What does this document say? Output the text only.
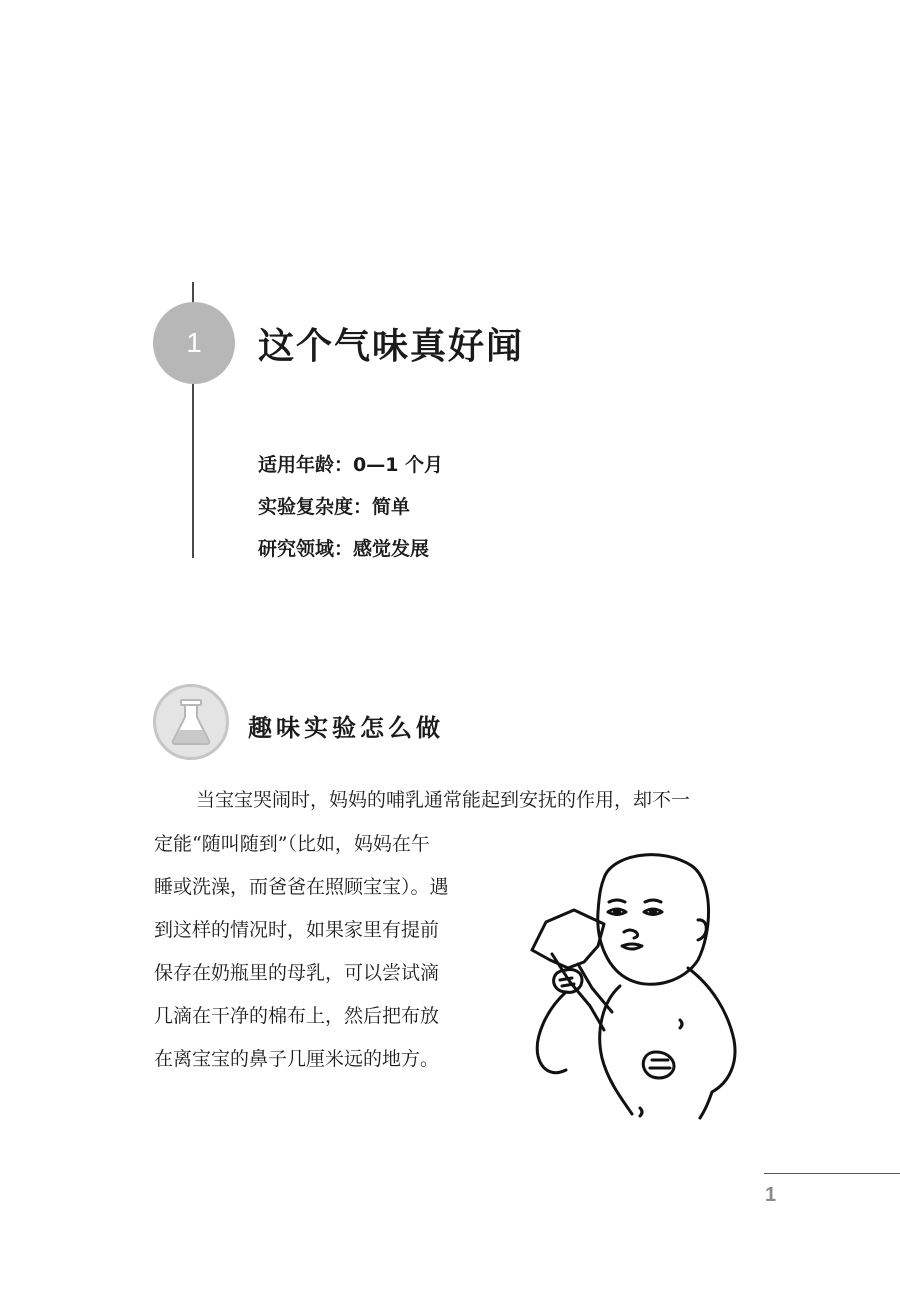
1 这个气味真好闻
适用年龄：0—1 个月
实验复杂度：简单
研究领域：感觉发展
趣味实验怎么做
当宝宝哭闹时，妈妈的哺乳通常能起到安抚的作用，却不一
定能“随叫随到”（比如，妈妈在午
睡或洗澡，而爸爸在照顾宝宝）。遇
到这样的情况时，如果家里有提前
保存在奶瓶里的母乳，可以尝试滴
几滴在干净的棉布上，然后把布放
在离宝宝的鼻子几厘米远的地方。
1
